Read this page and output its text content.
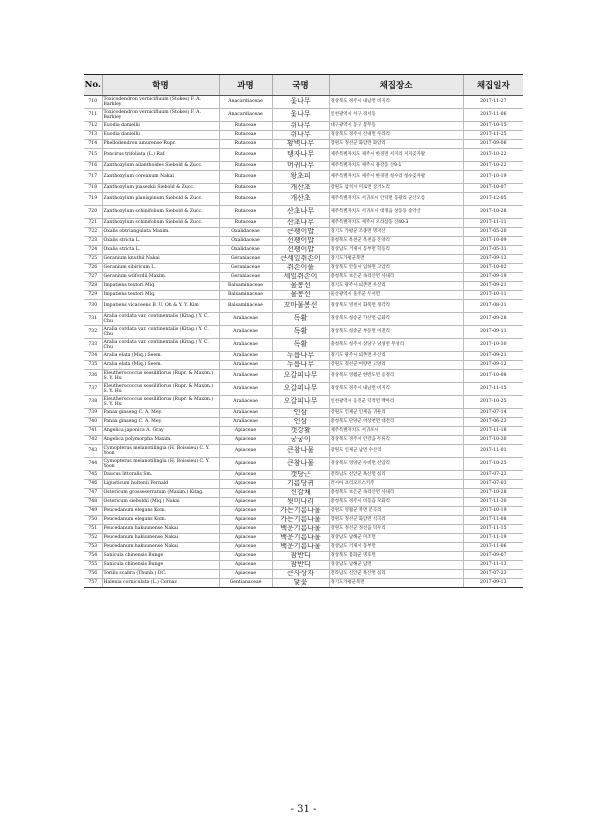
No.	학명	과명	국명	채집장소	채집일자
710	Toxicodendron vernicifluum (Stokes) F. A. Barkley	Anacardiaceae	옻나무	경상북도 경주시 내남면 비지리	2017-11-27
711	Toxicodendron vernicifluum (Stokes) F. A. Barkley	Anacardiaceae	옻나무	인천광역시 서구 경서동	2017-11-06
712	Euodia daniellii	Rutaceae	쉬나무	대구광역시 동구 봉무동	2017-10-15
713	Euodia daniellii	Rutaceae	쉬나무	경상북도 경주시 산내면 우라리	2017-11-25
714	Phellodendron amurense Rupr.	Rutaceae	황벽나무	강원도 정선군 화암면 화암리	2017-09-06
715	Poncirus trifoliata (L.) Raf.	Rutaceae	탱자나무	제주특별자치도 제주시 한경면 저지리 저지곶자왈	2017-10-22
716	Zanthoxylum ailanthoides Siebold & Zucc.	Rutaceae	머귀나무	제주특별자치도 제주시 용강동 산9-1	2017-10-22
717	Zanthoxylum coreanum Nakai	Rutaceae	왕초피	제주특별자치도 제주시 한경면 청수리 청수곶자왈	2017-10-19
718	Zanthoxylum piasezkii Siebold & Zucc.	Rutaceae	개산초	강원도 삼척시 미로면 상거노리	2017-10-07
719	Zanthoxylum planispinum Siebold & Zucc.	Rutaceae	개산초	제주특별자치도 서귀포시 안덕면 동광리 군산오름	2017-12-05
720	Zanthoxylum schinifolium Siebold & Zucc.	Rutaceae	산초나무	제주특별자치도 서귀포시 대정읍 상동동 송악산	2017-10-28
721	Zanthoxylum schinifolium Siebold & Zucc.	Rutaceae	산초나무	제주특별자치도 제주시 오라삼동 산40-3	2017-11-11
722	Oxalis obtriangulata Maxim.	Oxalidaceae	큰괭이밥	경기도 가평군 조종면 명지산	2017-05-20
723	Oxalis stricta L.	Oxalidaceae	선괭이밥	충청북도 옥천군 옥천읍 온양리	2017-10-09
724	Oxalis stricta L.	Oxalidaceae	선괭이밥	경상남도 거제시 동부면 학동리	2017-05-31
725	Geranium knuthii Nakai	Geraniaceae	큰세잎쥐손이	경기도가평군북면	2017-09-13
726	Geranium sibiricum L.	Geraniaceae	쥐손이풀	경상북도 안동시 임하면 고암리	2017-10-02
727	Geranium wilfordii Maxim.	Geraniaceae	세잎쥐손이	충청북도 보은군 속리산면 사내리	2017-09-19
728	Impatiens textori Miq.	Balsaminaceae	물봉선	경기도 광주시 퇴촌면 우산리	2017-09-21
729	Impatiens textori Miq.	Balsaminaceae	물봉선	울산광역시 울주군 두서면	2017-10-11
730	Impatiens vicaceens B. U. Oh & Y. Y. Kim	Balsaminaceae	꼬마물봉선	경상북도 영천시 화북면 정각리	2017-08-31
731	Aralia cordata var. continentalis (Kitag.) Y. C. Chu	Araliaceae	독활	경상북도 청송군 가산면 금화리	2017-09-28
732	Aralia cordata var. continentalis (Kitag.) Y. C. Chu	Araliaceae	독활	경상북도 청송군 부동면 이전리	2017-09-11
733	Aralia cordata var. continentalis (Kitag.) Y. C. Chu	Araliaceae	독활	충청북도 청주시 상당구 낭성면 무성리	2017-10-30
734	Aralia elata (Miq.) Seem.	Araliaceae	두릅나무	경기도 광주시 퇴촌면 우산리	2017-09-21
735	Aralia elata (Miq.) Seem.	Araliaceae	두릅나무	강원도 정선군 여량면 고양리	2017-09-12
736	Eleutherococcus sessiliflorus (Rupr. & Maxim.) S. Y. Hu	Araliaceae	오갈피나무	경상북도 영월군 한반도면 옹정리	2017-10-08
737	Eleutherococcus sessiliflorus (Rupr. & Maxim.) S. Y. Hu	Araliaceae	오갈피나무	경상북도 경주시 내남면 비지리	2017-11-15
738	Eleutherococcus sessiliflorus (Rupr. & Maxim.) S. Y. Hu	Araliaceae	오갈피나무	인천광역시 옹진군 덕적면 백아리	2017-10-25
739	Panax ginseng C. A. Mey.	Araliaceae	인삼	강원도 인제군 인제읍 귀둔리	2017-07-14
740	Panax ginseng C. A. Mey.	Araliaceae	인삼	충청북도 단양군 어상천면 대전리	2017-06-23
741	Angelica japonica A. Gray	Apiaceae	갯강활	제주특별자치도 서귀포시	2017-11-18
742	Angelica polymorpha Maxim.	Apiaceae	궁궁이	경상북도 경주시 안강읍 두류리	2017-10-30
743	Cymopterus melanotilingia (H. Boissieu) C. Y. Yoon	Apiaceae	큰참나물	강원도 인제군 남면 수산리	2017-11-01
744	Cymopterus melanotilingia (H. Boissieu) C. Y. Yoon	Apiaceae	큰참나물	경상북도 영양군 수비면 신암리	2017-10-25
745	Daucus littoralis Sm.	Apiaceae	갯당근	전라남도 신안군 흑산면 심리	2017-07-23
746	Ligusticum hultenii Fernald	Apiaceae	기름당귀	러시아 프리모르스키주	2017-07-03
747	Ostericum grosseserratum (Maxim.) Kitag.	Apiaceae	신감채	충청북도 보은군 속리산면 사내리	2017-10-28
748	Ostericum sieboldii (Miq.) Nakai	Apiaceae	묏미나리	충청북도 경주시 비동읍 모화리	2017-11-30
749	Peucedanum elegans Kom.	Apiaceae	가는기름나물	강원도 영월군 북면 문곡리	2017-10-19
750	Peucedanum elegans Kom.	Apiaceae	가는기름나물	강원도 정선군 화암면 석곡리	2017-11-08
751	Peucedanum hakuunense Nakai	Apiaceae	백운기름나물	강원도 정선군 정선읍 덕우리	2017-11-15
752	Peucedanum hakuunense Nakai	Apiaceae	백운기름나물	경상남도 남해군 미조면	2017-11-19
753	Peucedanum hakuunense Nakai	Apiaceae	백운기름나물	경상남도 거제시 동부면	2017-11-06
754	Sanicula chinensis Bunge	Apiaceae	참반디	경상북도 봉화군 명호면	2017-09-07
755	Sanicula chinensis Bunge	Apiaceae	참반디	경상남도 남해군 남면	2017-11-13
756	Torilis scabra (Thunb.) DC.	Apiaceae	큰사상자	전라남도 신안군 흑산면 심리	2017-07-23
757	Halenia corniculata (L.) Cornaz	Gentianaceae	닻꽃	경기도가평군북면	2017-09-13
- 31 -
